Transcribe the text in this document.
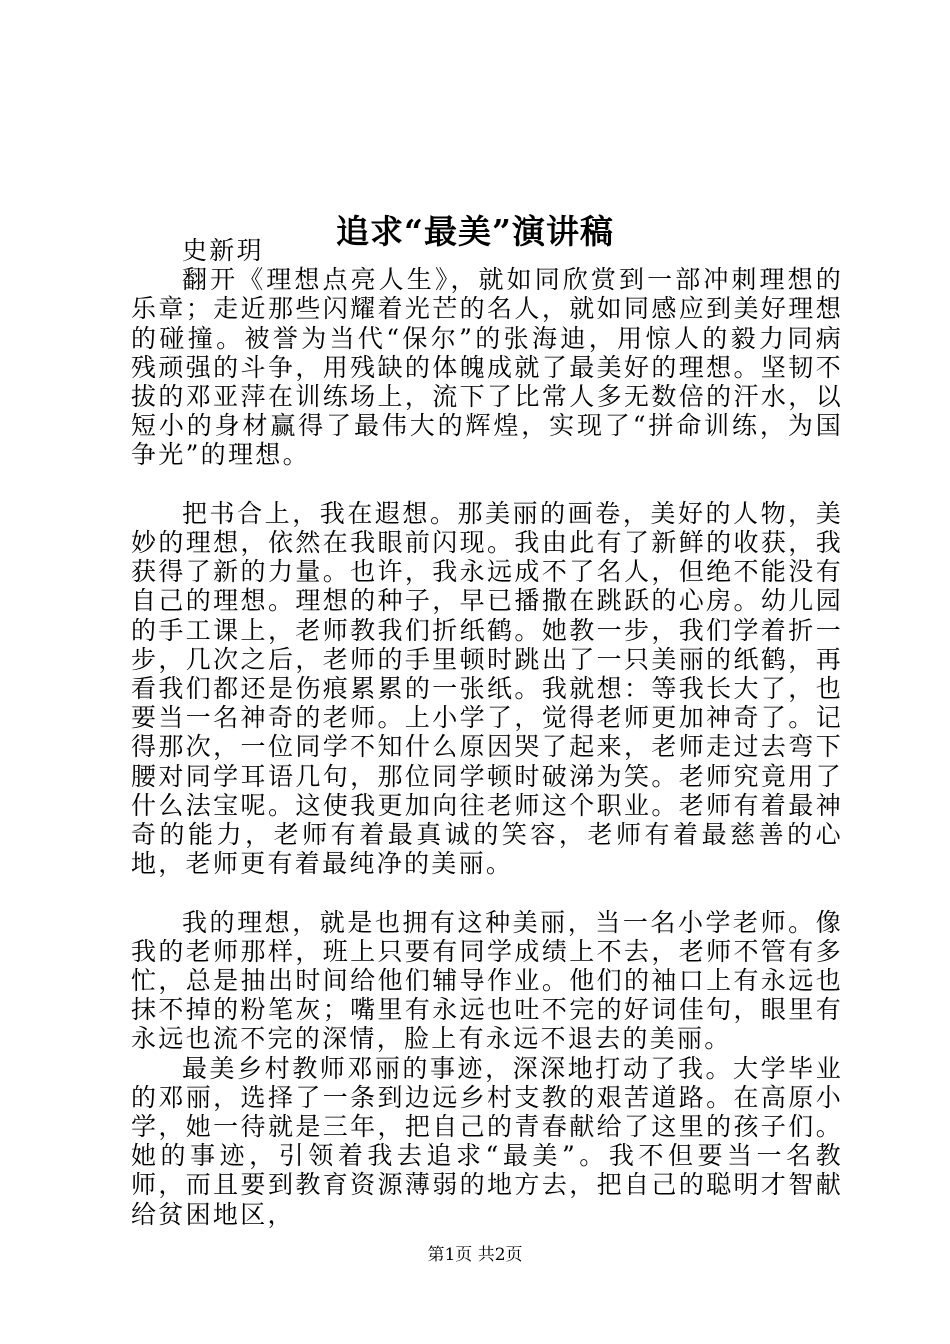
追求“最美”演讲稿

史新玥

翻开《理想点亮人生》，就如同欣赏到一部冲刺理想的乐章；走近那些闪耀着光芒的名人，就如同感应到美好理想的碰撞。被誉为当代“保尔”的张海迪，用惊人的毅力同病残顽强的斗争，用残缺的体魄成就了最美好的理想。坚韧不拔的邓亚萍在训练场上，流下了比常人多无数倍的汗水，以短小的身材赢得了最伟大的辉煌，实现了“拼命训练，为国争光”的理想。

把书合上，我在遐想。那美丽的画卷，美好的人物，美妙的理想，依然在我眼前闪现。我由此有了新鲜的收获，我获得了新的力量。也许，我永远成不了名人，但绝不能没有自己的理想。理想的种子，早已播撒在跳跃的心房。幼儿园的手工课上，老师教我们折纸鹤。她教一步，我们学着折一步，几次之后，老师的手里顿时跳出了一只美丽的纸鹤，再看我们都还是伤痕累累的一张纸。我就想：等我长大了，也要当一名神奇的老师。上小学了，觉得老师更加神奇了。记得那次，一位同学不知什么原因哭了起来，老师走过去弯下腰对同学耳语几句，那位同学顿时破涕为笑。老师究竟用了什么法宝呢。这使我更加向往老师这个职业。老师有着最神奇的能力，老师有着最真诚的笑容，老师有着最慈善的心地，老师更有着最纯净的美丽。

我的理想，就是也拥有这种美丽，当一名小学老师。像我的老师那样，班上只要有同学成绩上不去，老师不管有多忙，总是抽出时间给他们辅导作业。他们的袖口上有永远也抹不掉的粉笔灰；嘴里有永远也吐不完的好词佳句，眼里有永远也流不完的深情，脸上有永远不退去的美丽。

最美乡村教师邓丽的事迹，深深地打动了我。大学毕业的邓丽，选择了一条到边远乡村支教的艰苦道路。在高原小学，她一待就是三年，把自己的青春献给了这里的孩子们。她的事迹，引领着我去追求“最美”。我不但要当一名教师，而且要到教育资源薄弱的地方去，把自己的聪明才智献给贫困地区，

第1页 共2页
